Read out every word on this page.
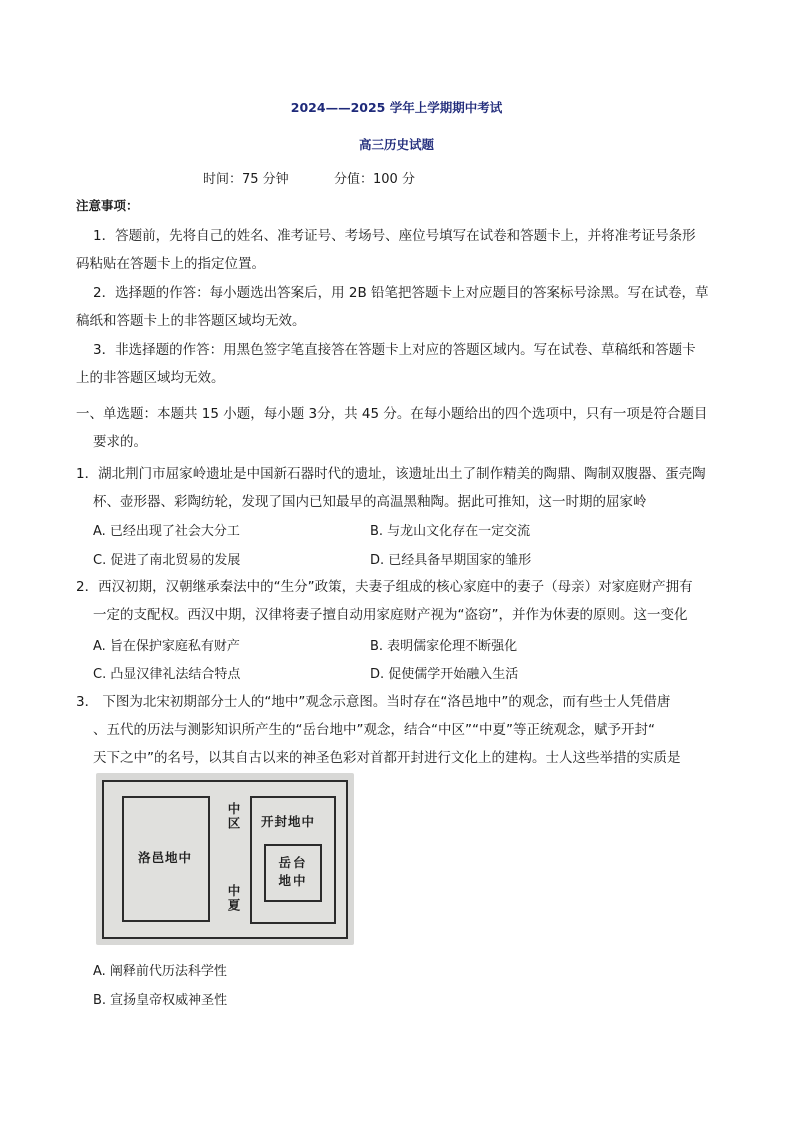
2024——2025 学年上学期期中考试
高三历史试题
时间：75 分钟	分值：100 分
注意事项：
1．答题前，先将自己的姓名、准考证号、考场号、座位号填写在试卷和答题卡上，并将准考证号条形
码粘贴在答题卡上的指定位置。
2．选择题的作答：每小题选出答案后，用 2B 铅笔把答题卡上对应题目的答案标号涂黑。写在试卷，草
稿纸和答题卡上的非答题区域均无效。
3．非选择题的作答：用黑色签字笔直接答在答题卡上对应的答题区域内。写在试卷、草稿纸和答题卡
上的非答题区域均无效。
一、单选题：本题共 15 小题，每小题 3分，共 45 分。在每小题给出的四个选项中，只有一项是符合题目
要求的。
1．湖北荆门市屈家岭遗址是中国新石器时代的遗址，该遗址出土了制作精美的陶鼎、陶制双腹器、蛋壳陶
杯、壶形器、彩陶纺轮，发现了国内已知最早的高温黑釉陶。据此可推知，这一时期的屈家岭
A. 已经出现了社会大分工	B. 与龙山文化存在一定交流
C. 促进了南北贸易的发展	D. 已经具备早期国家的雏形
2．西汉初期，汉朝继承秦法中的“生分”政策，夫妻子组成的核心家庭中的妻子（母亲）对家庭财产拥有
一定的支配权。西汉中期，汉律将妻子擅自动用家庭财产视为“盗窃”，并作为休妻的原则。这一变化
A. 旨在保护家庭私有财产	B. 表明儒家伦理不断强化
C. 凸显汉律礼法结合特点	D. 促使儒学开始融入生活
3． 下图为北宋初期部分士人的“地中”观念示意图。当时存在“洛邑地中”的观念，而有些士人凭借唐
、五代的历法与测影知识所产生的“岳台地中”观念，结合“中区”“中夏”等正统观念，赋予开封“
天下之中”的名号，以其自古以来的神圣色彩对首都开封进行文化上的建构。士人这些举措的实质是
洛邑地中
中区
中夏
开封地中
岳台地中
A. 阐释前代历法科学性
B. 宣扬皇帝权威神圣性
